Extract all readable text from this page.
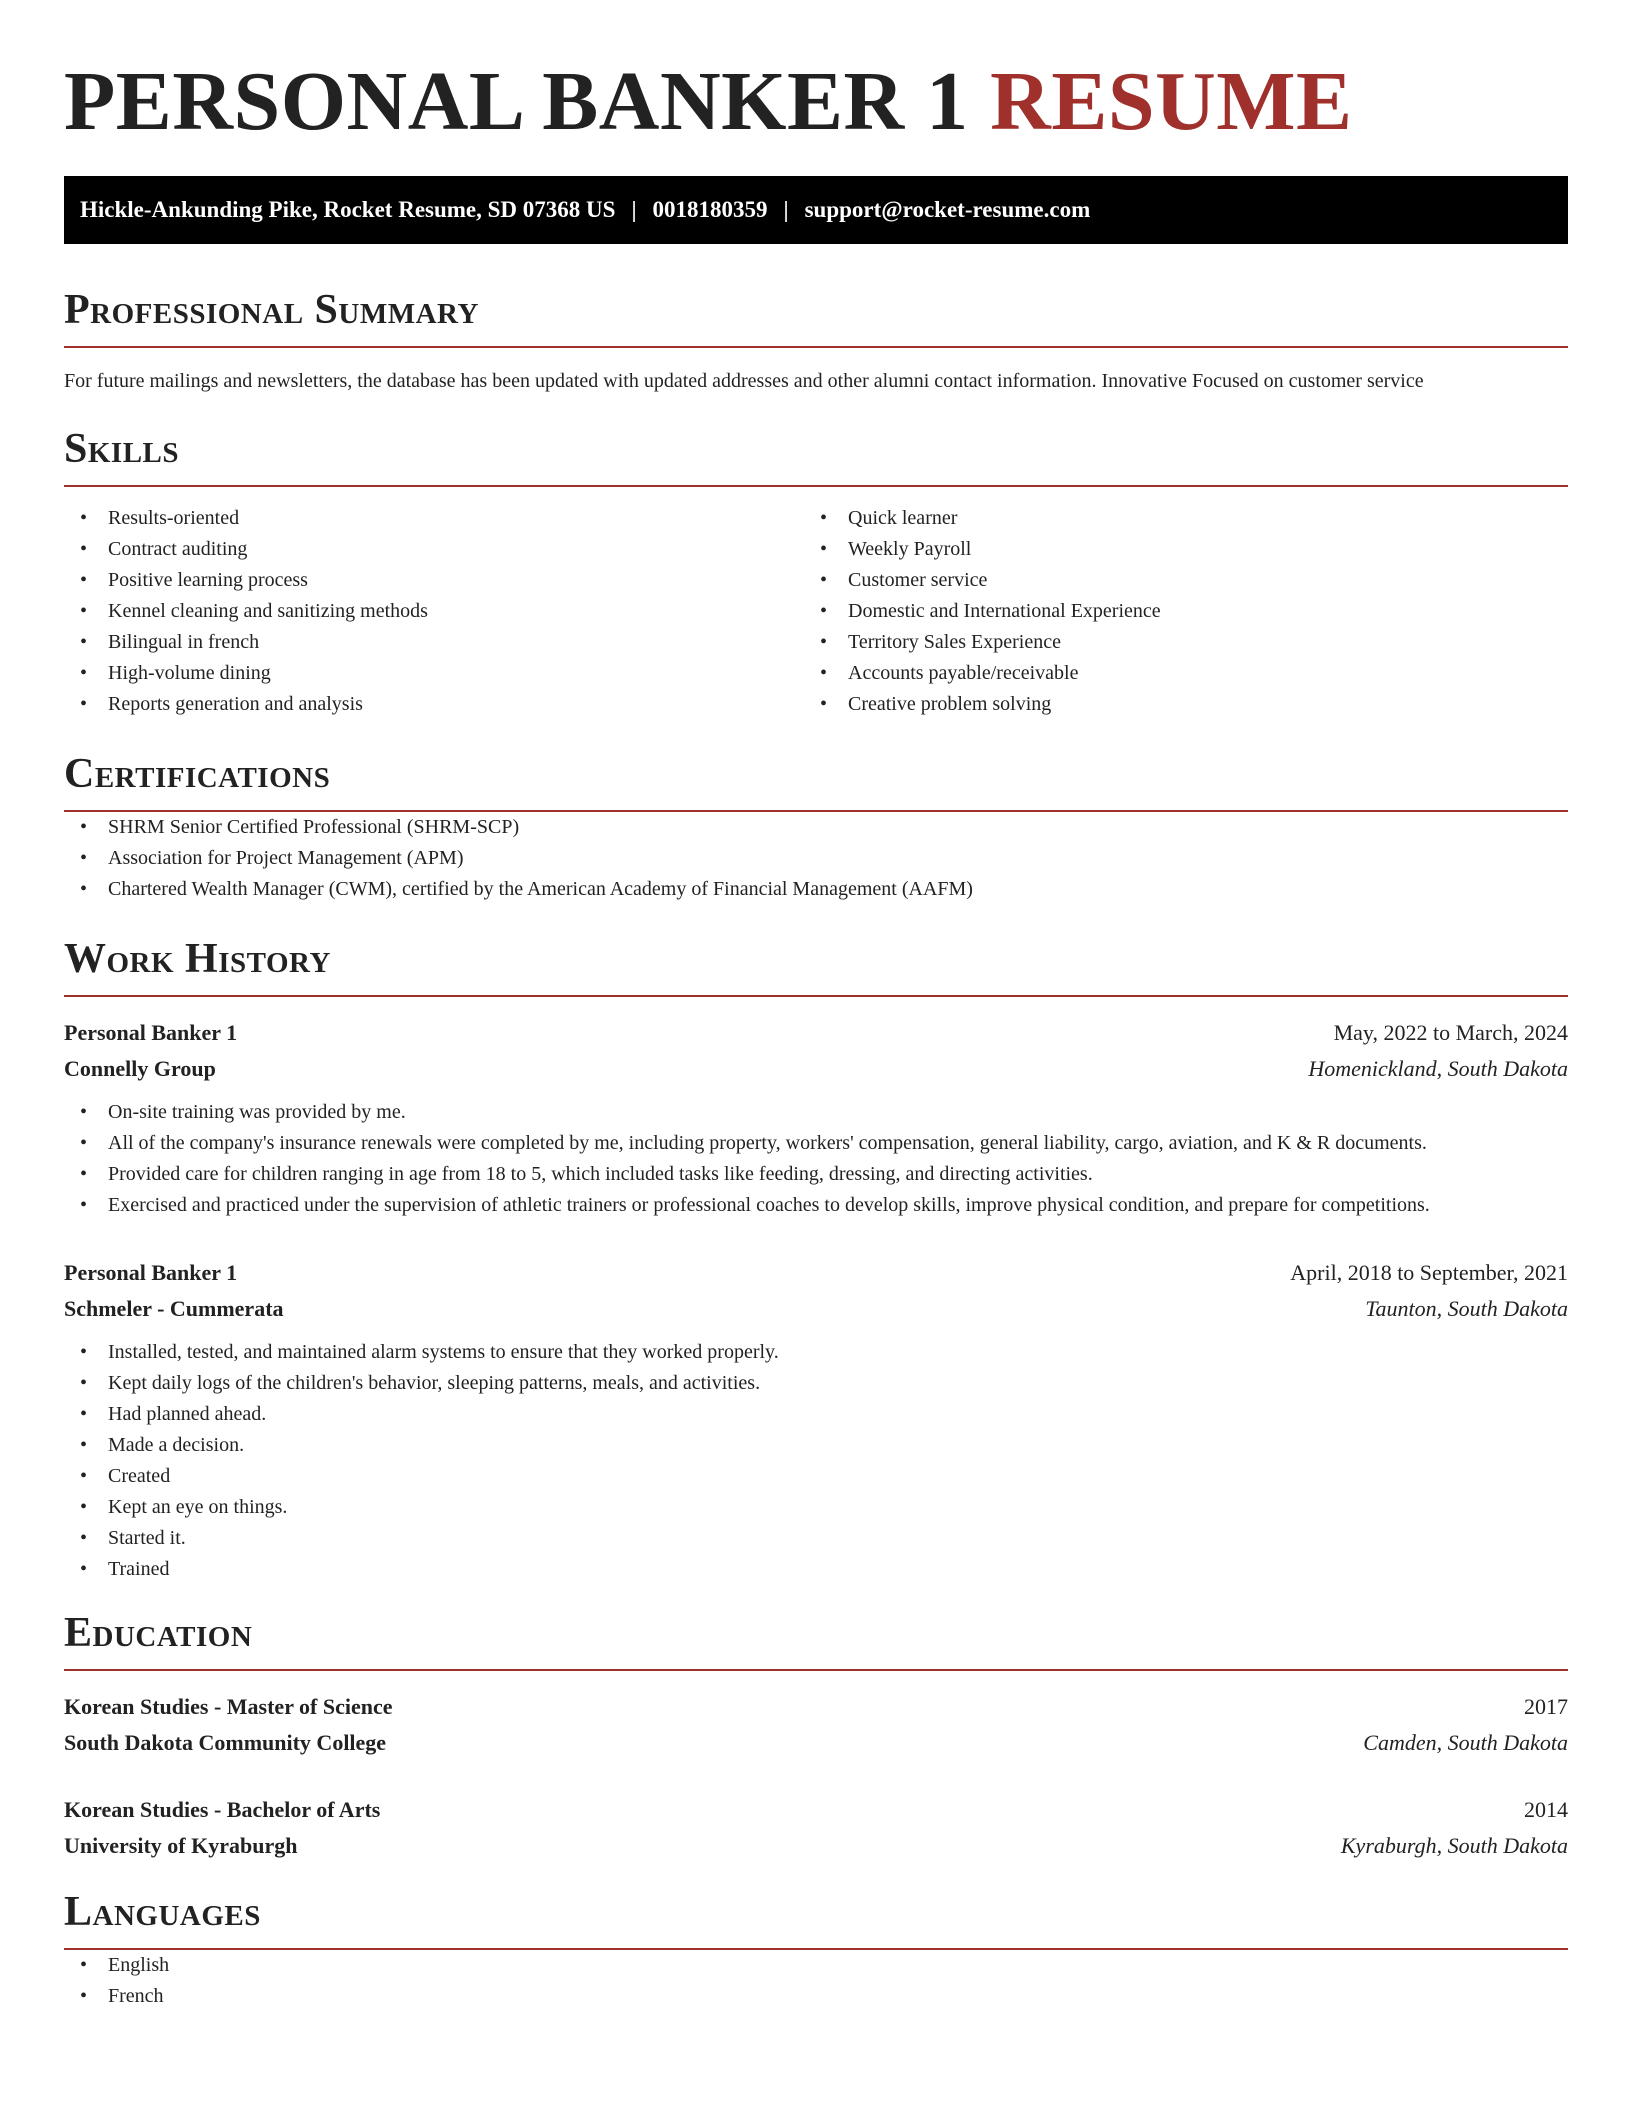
PERSONAL BANKER 1 RESUME
Hickle-Ankunding Pike, Rocket Resume, SD 07368 US | 0018180359 | support@rocket-resume.com
Professional Summary

For future mailings and newsletters, the database has been updated with updated addresses and other alumni contact information. Innovative Focused on customer service

Skills
• Results-oriented
• Contract auditing
• Positive learning process
• Kennel cleaning and sanitizing methods
• Bilingual in french
• High-volume dining
• Reports generation and analysis
• Quick learner
• Weekly Payroll
• Customer service
• Domestic and International Experience
• Territory Sales Experience
• Accounts payable/receivable
• Creative problem solving
Certifications
• SHRM Senior Certified Professional (SHRM-SCP)
• Association for Project Management (APM)
• Chartered Wealth Manager (CWM), certified by the American Academy of Financial Management (AAFM)
Work History
Personal Banker 1	May, 2022 to March, 2024
Connelly Group	Homenickland, South Dakota
• On-site training was provided by me.
• All of the company's insurance renewals were completed by me, including property, workers' compensation, general liability, cargo, aviation, and K & R documents.
• Provided care for children ranging in age from 18 to 5, which included tasks like feeding, dressing, and directing activities.
• Exercised and practiced under the supervision of athletic trainers or professional coaches to develop skills, improve physical condition, and prepare for competitions.
Personal Banker 1	April, 2018 to September, 2021
Schmeler - Cummerata	Taunton, South Dakota
• Installed, tested, and maintained alarm systems to ensure that they worked properly.
• Kept daily logs of the children's behavior, sleeping patterns, meals, and activities.
• Had planned ahead.
• Made a decision.
• Created
• Kept an eye on things.
• Started it.
• Trained
Education
Korean Studies - Master of Science	2017
South Dakota Community College	Camden, South Dakota
Korean Studies - Bachelor of Arts	2014
University of Kyraburgh	Kyraburgh, South Dakota
Languages
• English
• French
